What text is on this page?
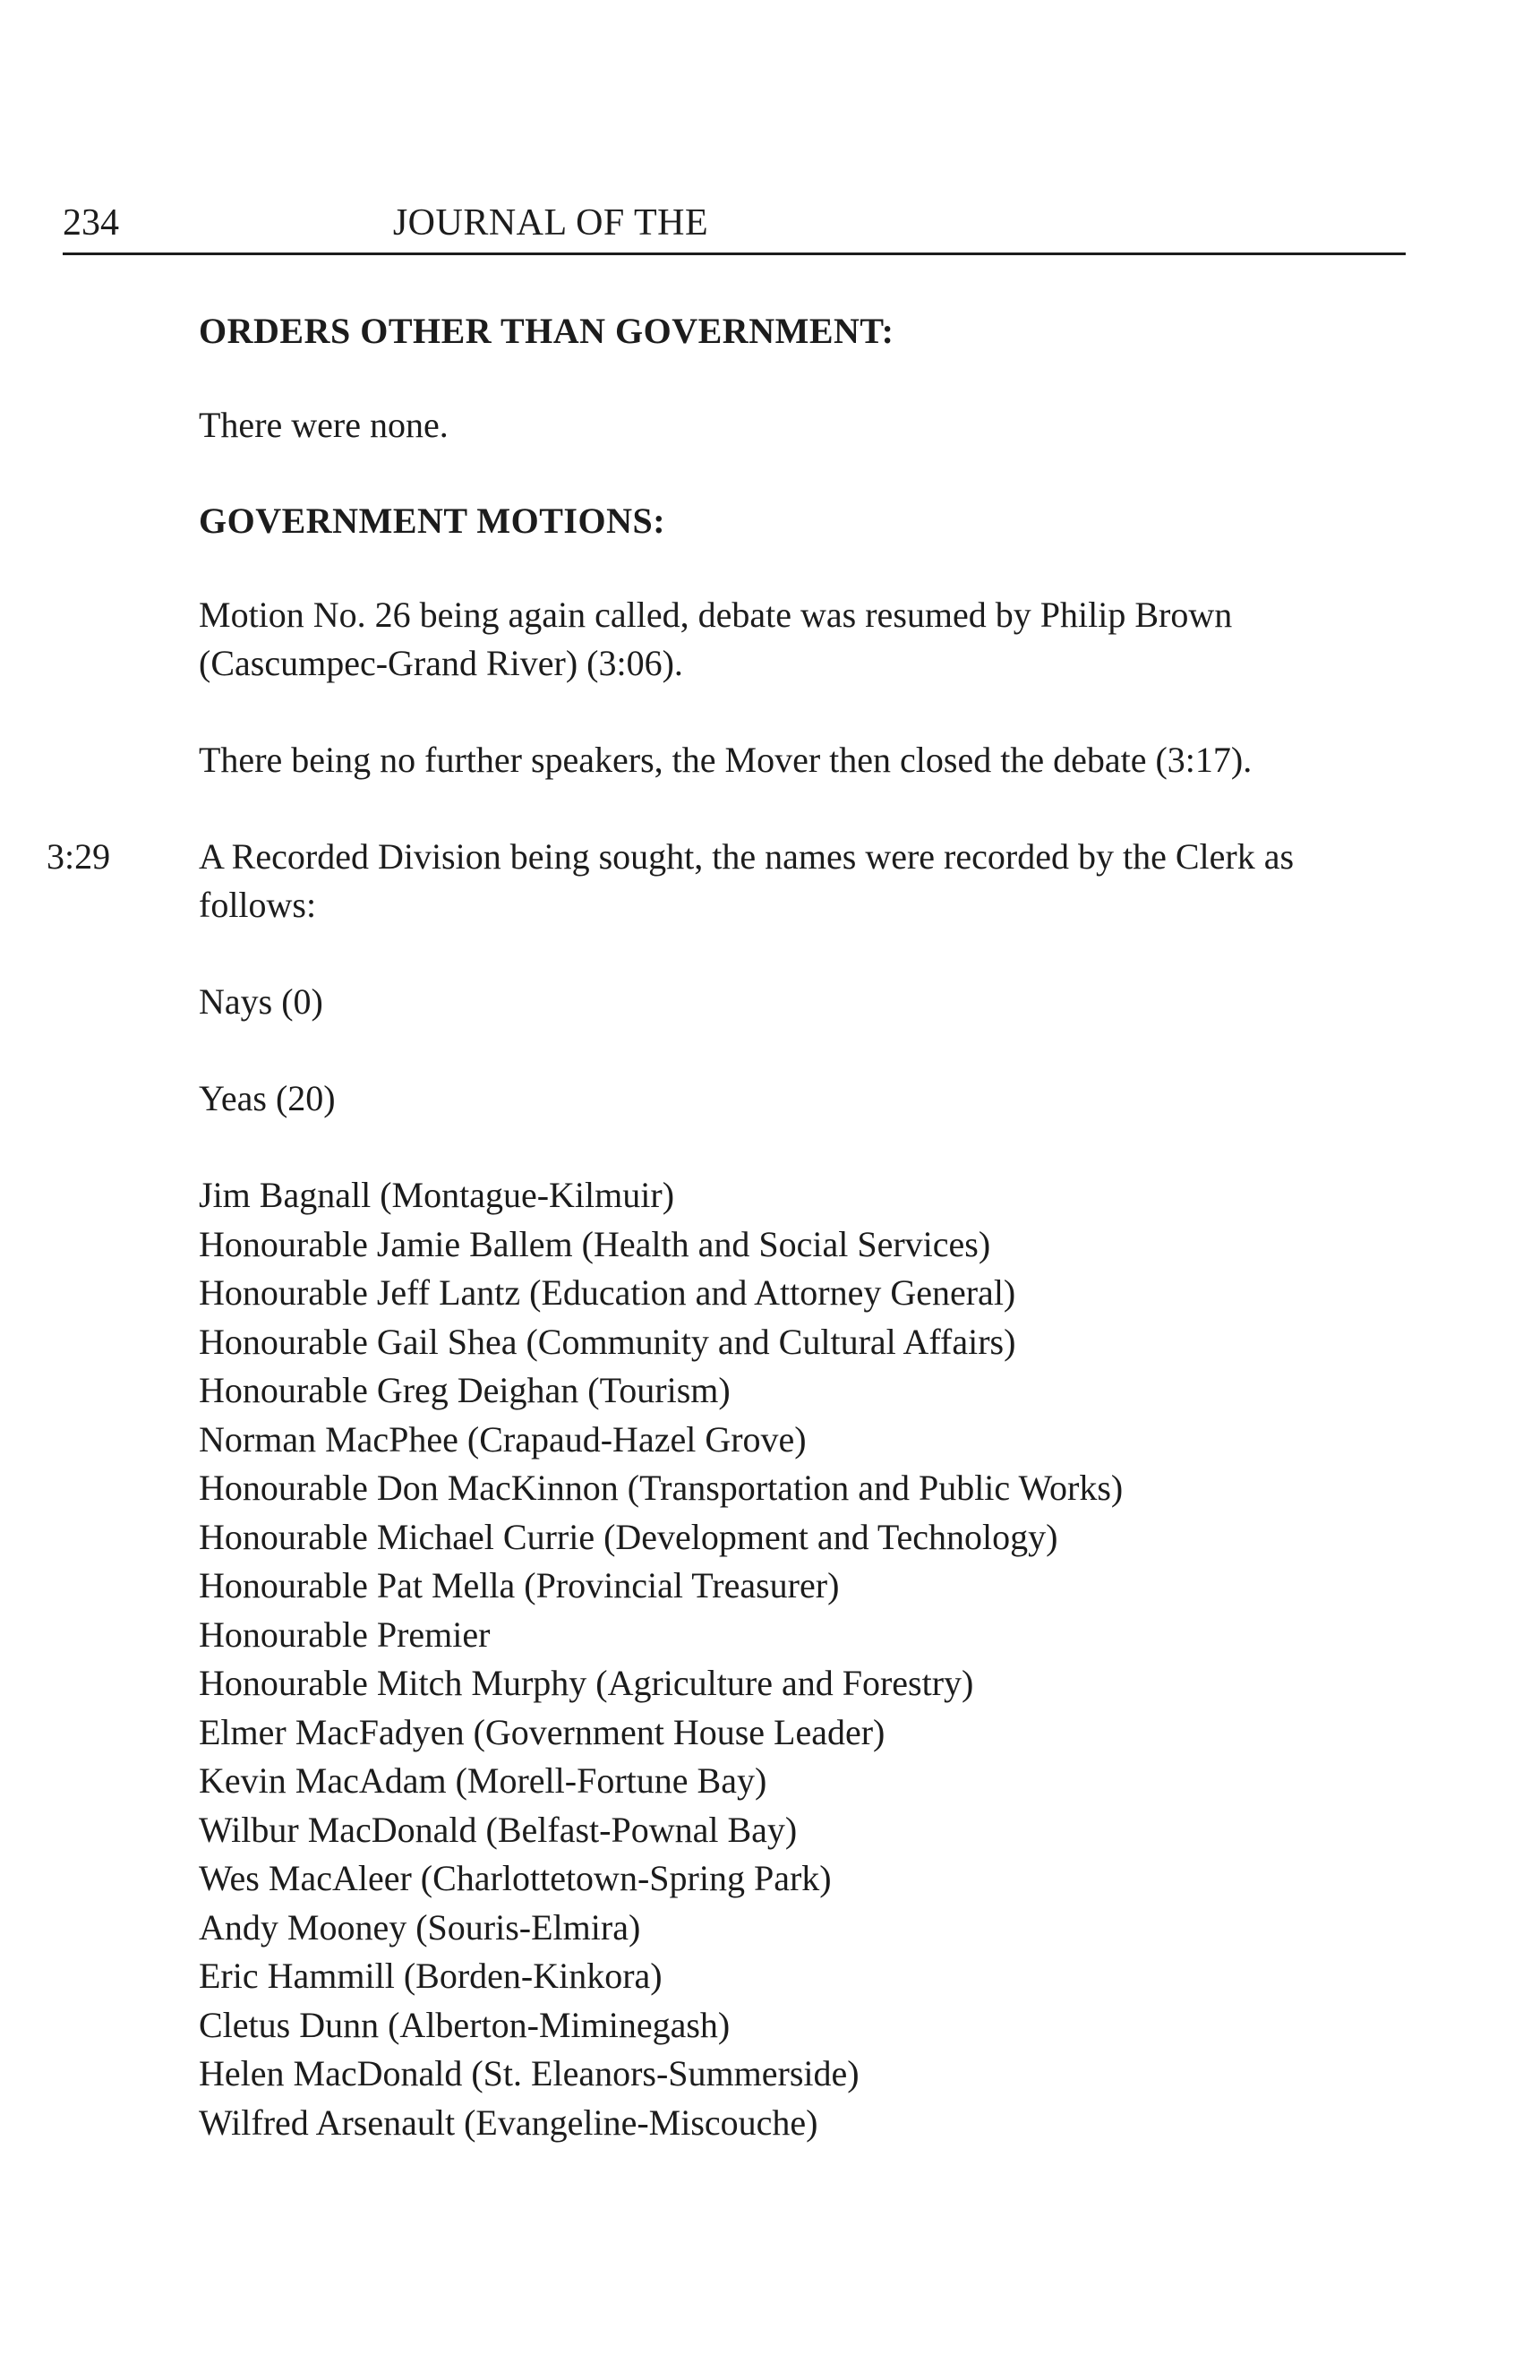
234	JOURNAL OF THE
ORDERS OTHER THAN GOVERNMENT:
There were none.
GOVERNMENT MOTIONS:
Motion No. 26 being again called, debate was resumed by Philip Brown (Cascumpec-Grand River) (3:06).
There being no further speakers, the Mover then closed the debate (3:17).
3:29 A Recorded Division being sought, the names were recorded by the Clerk as follows:
Nays (0)
Yeas (20)
Jim Bagnall (Montague-Kilmuir)
Honourable Jamie Ballem (Health and Social Services)
Honourable Jeff Lantz (Education and Attorney General)
Honourable Gail Shea (Community and Cultural Affairs)
Honourable Greg Deighan (Tourism)
Norman MacPhee (Crapaud-Hazel Grove)
Honourable Don MacKinnon (Transportation and Public Works)
Honourable Michael Currie (Development and Technology)
Honourable Pat Mella (Provincial Treasurer)
Honourable Premier
Honourable Mitch Murphy (Agriculture and Forestry)
Elmer MacFadyen (Government House Leader)
Kevin MacAdam (Morell-Fortune Bay)
Wilbur MacDonald (Belfast-Pownal Bay)
Wes MacAleer (Charlottetown-Spring Park)
Andy Mooney (Souris-Elmira)
Eric Hammill (Borden-Kinkora)
Cletus Dunn (Alberton-Miminegash)
Helen MacDonald (St. Eleanors-Summerside)
Wilfred Arsenault (Evangeline-Miscouche)
